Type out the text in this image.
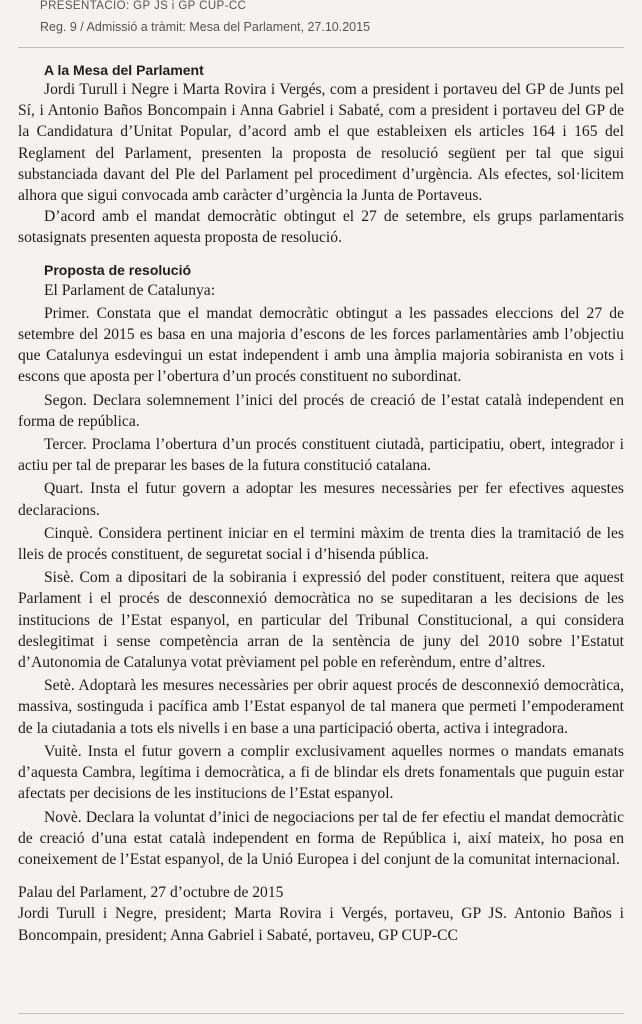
PRESENTACIÓ: GP JS i GP CUP-CC
Reg. 9 / Admissió a tràmit: Mesa del Parlament, 27.10.2015
A la Mesa del Parlament

Jordi Turull i Negre i Marta Rovira i Vergés, com a president i portaveu del GP de Junts pel Sí, i Antonio Baños Boncompain i Anna Gabriel i Sabaté, com a president i portaveu del GP de la Candidatura d’Unitat Popular, d’acord amb el que estableixen els articles 164 i 165 del Reglament del Parlament, presenten la proposta de resolució següent per tal que sigui substanciada davant del Ple del Parlament pel procediment d’urgència. Als efectes, sol·licitem alhora que sigui convocada amb caràcter d’urgència la Junta de Portaveus.

D’acord amb el mandat democràtic obtingut el 27 de setembre, els grups parlamentaris sotasignats presenten aquesta proposta de resolució.

Proposta de resolució

El Parlament de Catalunya:

Primer. Constata que el mandat democràtic obtingut a les passades eleccions del 27 de setembre del 2015 es basa en una majoria d’escons de les forces parlamentàries amb l’objectiu que Catalunya esdevingui un estat independent i amb una àmplia majoria sobiranista en vots i escons que aposta per l’obertura d’un procés constituent no subordinat.

Segon. Declara solemnement l’inici del procés de creació de l’estat català independent en forma de república.

Tercer. Proclama l’obertura d’un procés constituent ciutadà, participatiu, obert, integrador i actiu per tal de preparar les bases de la futura constitució catalana.

Quart. Insta el futur govern a adoptar les mesures necessàries per fer efectives aquestes declaracions.

Cinquè. Considera pertinent iniciar en el termini màxim de trenta dies la tramitació de les lleis de procés constituent, de seguretat social i d’hisenda pública.

Sisè. Com a dipositari de la sobirania i expressió del poder constituent, reitera que aquest Parlament i el procés de desconnexió democràtica no se supeditaran a les decisions de les institucions de l’Estat espanyol, en particular del Tribunal Constitucional, a qui considera deslegitimat i sense competència arran de la sentència de juny del 2010 sobre l’Estatut d’Autonomia de Catalunya votat prèviament pel poble en referèndum, entre d’altres.

Setè. Adoptarà les mesures necessàries per obrir aquest procés de desconnexió democràtica, massiva, sostinguda i pacífica amb l’Estat espanyol de tal manera que permeti l’empoderament de la ciutadania a tots els nivells i en base a una participació oberta, activa i integradora.

Vuitè. Insta el futur govern a complir exclusivament aquelles normes o mandats emanats d’aquesta Cambra, legítima i democràtica, a fi de blindar els drets fonamentals que puguin estar afectats per decisions de les institucions de l’Estat espanyol.

Novè. Declara la voluntat d’inici de negociacions per tal de fer efectiu el mandat democràtic de creació d’una estat català independent en forma de República i, així mateix, ho posa en coneixement de l’Estat espanyol, de la Unió Europea i del conjunt de la comunitat internacional.

Palau del Parlament, 27 d’octubre de 2015

Jordi Turull i Negre, president; Marta Rovira i Vergés, portaveu, GP JS. Antonio Baños i Boncompain, president; Anna Gabriel i Sabaté, portaveu, GP CUP-CC
